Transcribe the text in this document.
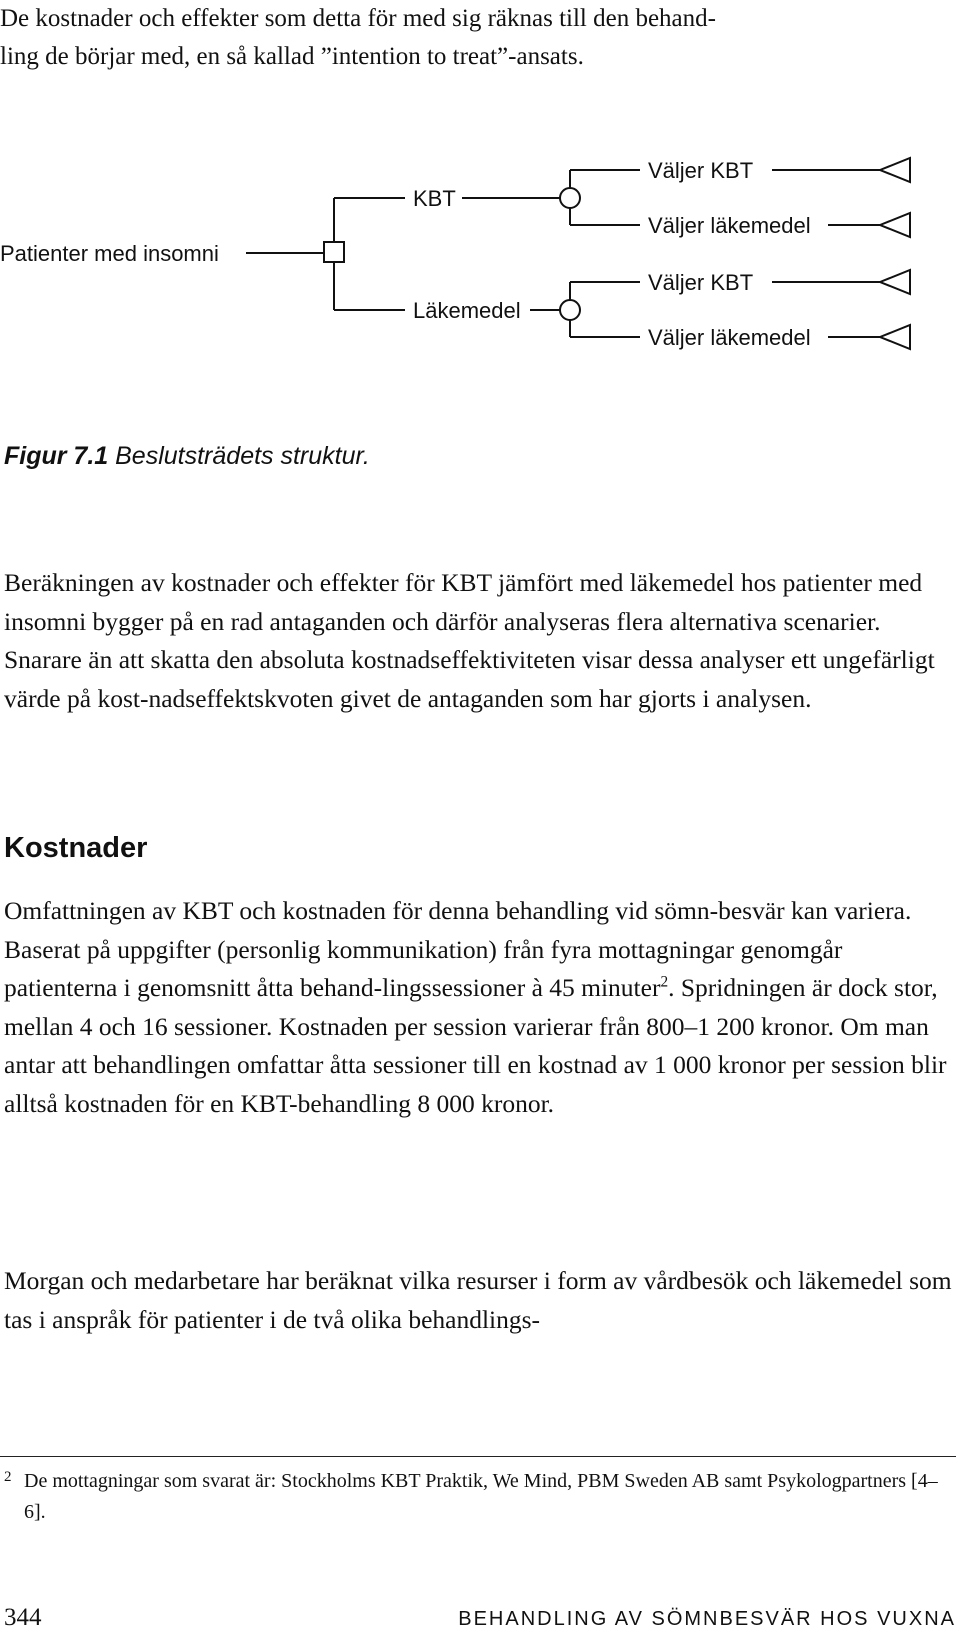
De kostnader och effekter som detta för med sig räknas till den behand-
ling de börjar med, en så kallad ”intention to treat”-ansats.
Patienter med insomni
KBT
Läkemedel
Väljer KBT
Väljer läkemedel
Väljer KBT
Väljer läkemedel

Figur 7.1 Beslutsträdets struktur.

Beräkningen av kostnader och effekter för KBT jämfört med läkemedel hos patienter med insomni bygger på en rad antaganden och därför analyseras flera alternativa scenarier. Snarare än att skatta den absoluta kostnadseffektiviteten visar dessa analyser ett ungefärligt värde på kost-nadseffektskvoten givet de antaganden som har gjorts i analysen.

Kostnader

Omfattningen av KBT och kostnaden för denna behandling vid sömn-besvär kan variera. Baserat på uppgifter (personlig kommunikation) från fyra mottagningar genomgår patienterna i genomsnitt åtta behand-lingssessioner à 45 minuter$^2$. Spridningen är dock stor, mellan 4 och 16 sessioner. Kostnaden per session varierar från 800–1 200 kronor. Om man antar att behandlingen omfattar åtta sessioner till en kostnad av 1 000 kronor per session blir alltså kostnaden för en KBT-behandling 8 000 kronor.

Morgan och medarbetare har beräknat vilka resurser i form av vårdbesök och läkemedel som tas i anspråk för patienter i de två olika behandlings-

2 De mottagningar som svarat är: Stockholms KBT Praktik, We Mind, PBM Sweden AB samt Psykologpartners [4–6].

344	BEHANDLING AV SÖMNBESVÄR HOS VUXNA
